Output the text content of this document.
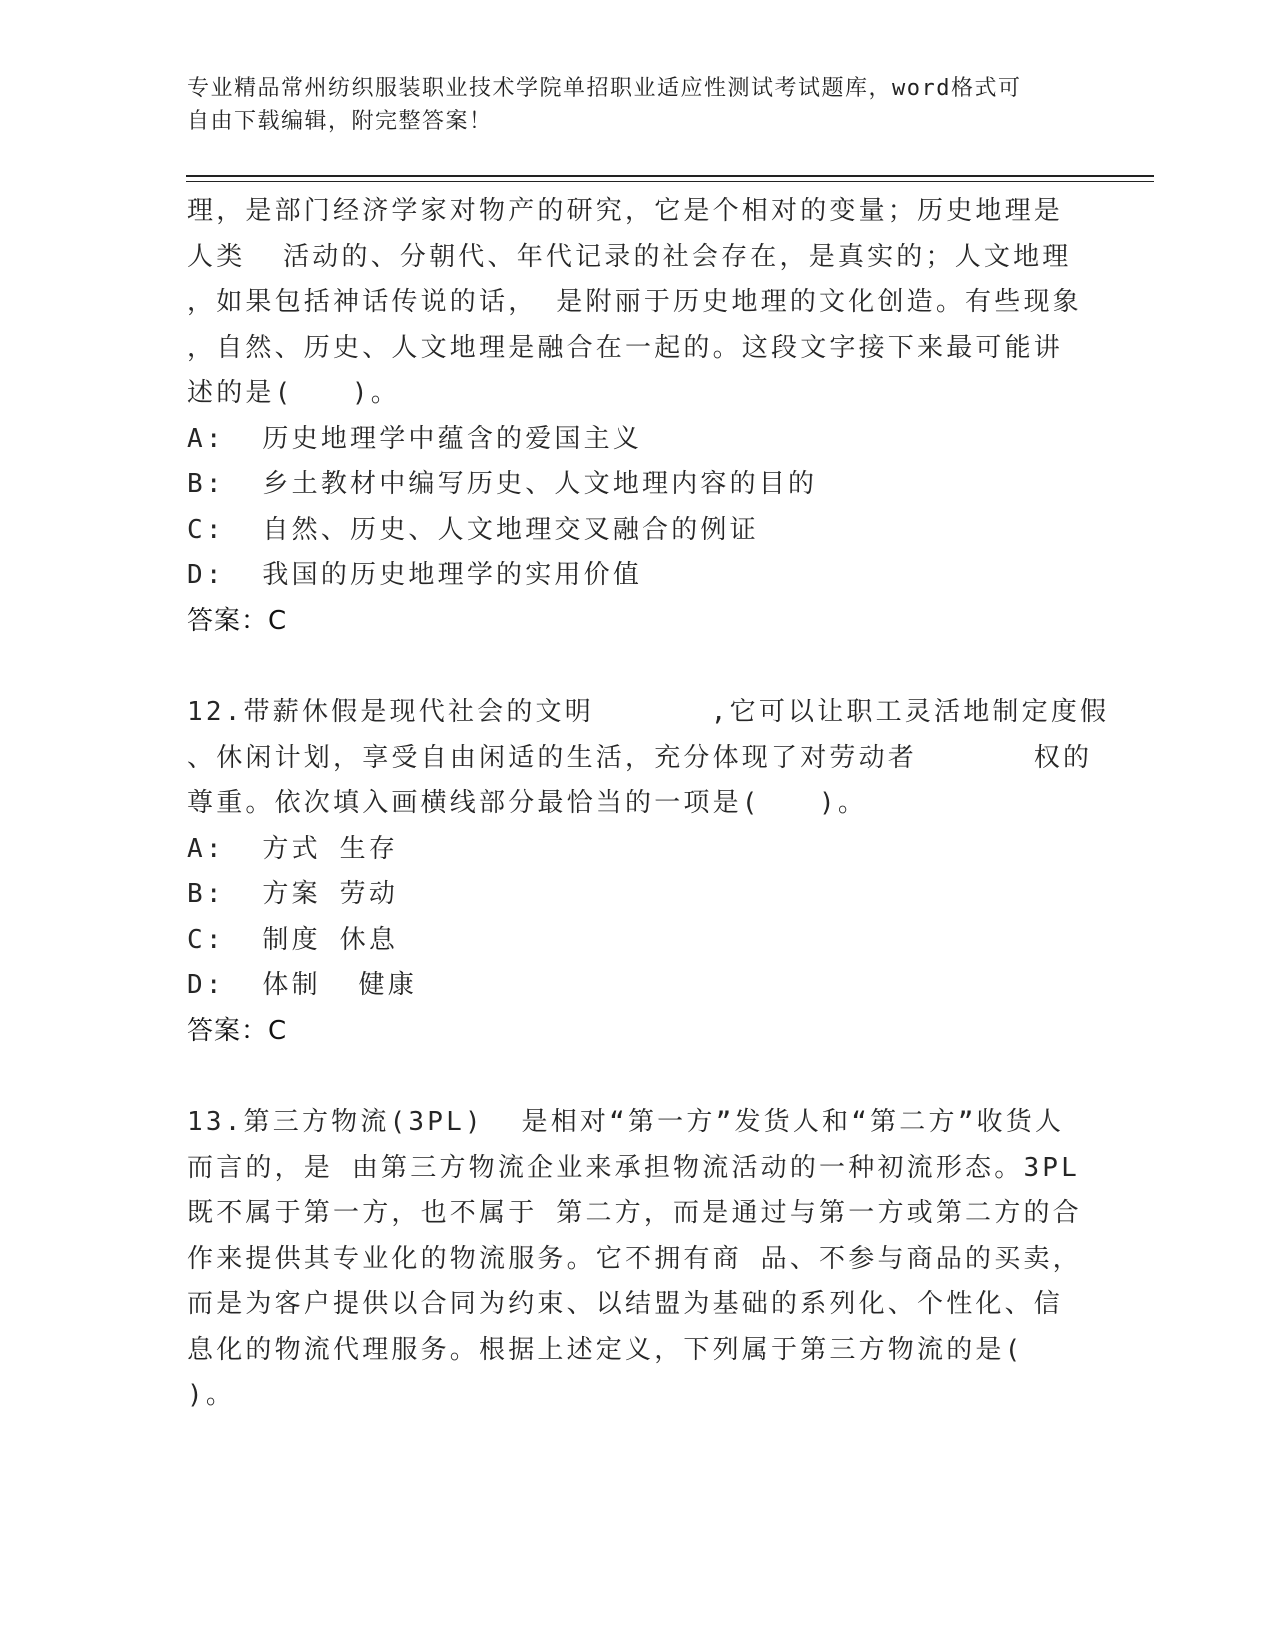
专业精品常州纺织服装职业技术学院单招职业适应性测试考试题库，word格式可
自由下载编辑，附完整答案！
理，是部门经济学家对物产的研究，它是个相对的变量；历史地理是
人类  活动的、分朝代、年代记录的社会存在，是真实的；人文地理
，如果包括神话传说的话， 是附丽于历史地理的文化创造。有些现象
，自然、历史、人文地理是融合在一起的。这段文字接下来最可能讲
述的是(　　)。
A:  历史地理学中蕴含的爱国主义
B:  乡土教材中编写历史、人文地理内容的目的
C:  自然、历史、人文地理交叉融合的例证
D:  我国的历史地理学的实用价值
答案：C
12.带薪休假是现代社会的文明　　　　,它可以让职工灵活地制定度假
、休闲计划，享受自由闲适的生活，充分体现了对劳动者　　　　权的
尊重。依次填入画横线部分最恰当的一项是(　　)。
A:  方式 生存
B:  方案 劳动
C:  制度 休息
D:  体制  健康
答案：C
13.第三方物流(3PL)  是相对“第一方”发货人和“第二方”收货人
而言的，是 由第三方物流企业来承担物流活动的一种初流形态。3PL
既不属于第一方，也不属于 第二方，而是通过与第一方或第二方的合
作来提供其专业化的物流服务。它不拥有商 品、不参与商品的买卖，
而是为客户提供以合同为约束、以结盟为基础的系列化、个性化、信
息化的物流代理服务。根据上述定义，下列属于第三方物流的是(
)。
